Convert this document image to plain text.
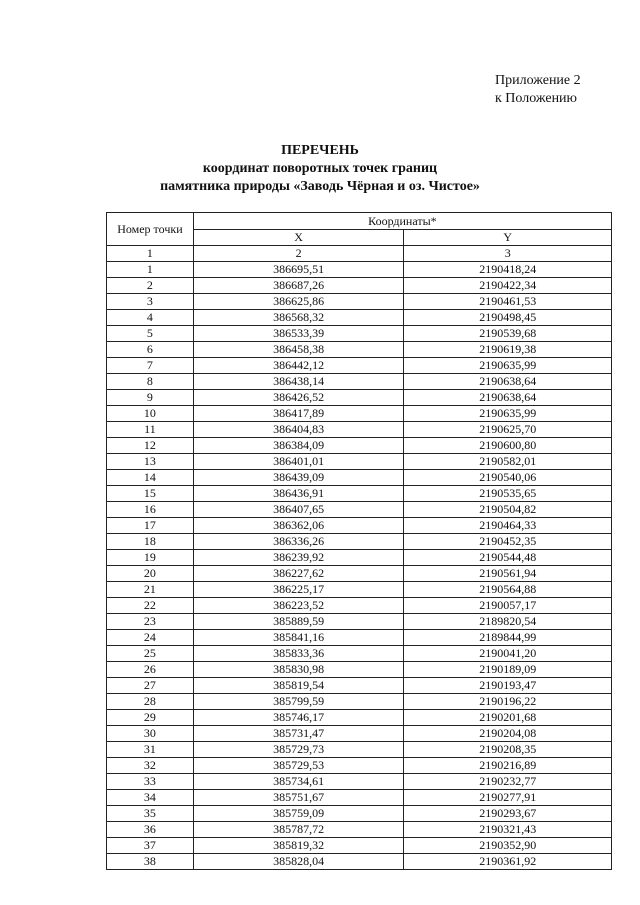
Приложение 2
к Положению
ПЕРЕЧЕНЬ
координат поворотных точек границ
памятника природы «Заводь Чёрная и оз. Чистое»
Номер точки	Координаты*	
	X	Y
1	2	3
1	386695,51	2190418,24
2	386687,26	2190422,34
3	386625,86	2190461,53
4	386568,32	2190498,45
5	386533,39	2190539,68
6	386458,38	2190619,38
7	386442,12	2190635,99
8	386438,14	2190638,64
9	386426,52	2190638,64
10	386417,89	2190635,99
11	386404,83	2190625,70
12	386384,09	2190600,80
13	386401,01	2190582,01
14	386439,09	2190540,06
15	386436,91	2190535,65
16	386407,65	2190504,82
17	386362,06	2190464,33
18	386336,26	2190452,35
19	386239,92	2190544,48
20	386227,62	2190561,94
21	386225,17	2190564,88
22	386223,52	2190057,17
23	385889,59	2189820,54
24	385841,16	2189844,99
25	385833,36	2190041,20
26	385830,98	2190189,09
27	385819,54	2190193,47
28	385799,59	2190196,22
29	385746,17	2190201,68
30	385731,47	2190204,08
31	385729,73	2190208,35
32	385729,53	2190216,89
33	385734,61	2190232,77
34	385751,67	2190277,91
35	385759,09	2190293,67
36	385787,72	2190321,43
37	385819,32	2190352,90
38	385828,04	2190361,92
